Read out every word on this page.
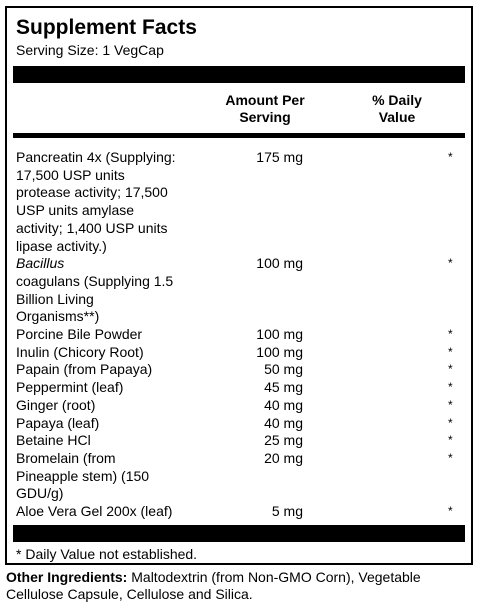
Supplement Facts
Serving Size: 1 VegCap
Amount Per
Serving
% Daily
Value
Pancreatin 4x (Supplying:
17,500 USP units
protease activity; 17,500
USP units amylase
activity; 1,400 USP units
lipase activity.)
175 mg	*
Bacillus
coagulans (Supplying 1.5
Billion Living
Organisms**)
100 mg	*
Porcine Bile Powder	100 mg	*
Inulin (Chicory Root)	100 mg	*
Papain (from Papaya)	50 mg	*
Peppermint (leaf)	45 mg	*
Ginger (root)	40 mg	*
Papaya (leaf)	40 mg	*
Betaine HCl	25 mg	*
Bromelain (from
Pineapple stem) (150
GDU/g)
20 mg	*
Aloe Vera Gel 200x (leaf)	5 mg	*
* Daily Value not established.
Other Ingredients: Maltodextrin (from Non-GMO Corn), Vegetable Cellulose Capsule, Cellulose and Silica.
